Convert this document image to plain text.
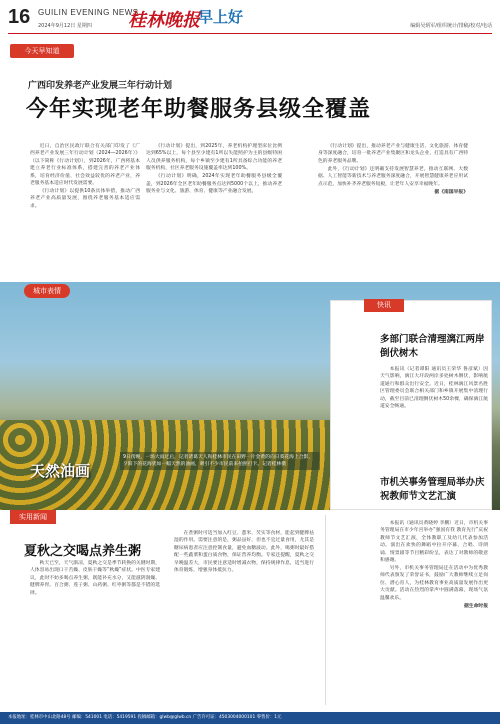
16 GUILIN EVENING NEWS
2024年9月12日 星期四 桂林晚报
早上好	编辑吴炳军/组织统计/排稿/校对/电话
今天早知道
广西印发养老产业发展三年行动计划
今年实现老年助餐服务县级全覆盖

近日，自治区民政厅联合有关部门印发了《广西养老产业发展三年行动计划（2024—2026年）》（以下简称《行动计划》），到2026年，广西将基本建立养老行业标准体系，搭建完善的养老产业体系，培育经济价值、社会效益较优的养老产业，养老服务基本适应时代发展需要。

《行动计划》以提供10条具体举措，推动广西养老产业高质量发展，围绕养老服务基本适应需求。

《行动计划》提出，到2025年，养老机构护理型床位比例达到65%以上，每个县至少建有1所以失能照护为主的县级特困人员供养服务机构，每个乡镇至少建有1所具备综合功能的养老服务机构，社区养老服务设施覆盖率达到100%。

《行动计划》明确，2024年实现老年助餐服务县级全覆盖，到2026年全区老年助餐服务点达到5000个以上，推动养老服务业与文化、旅游、体育、健康等产业融合发展。

《行动计划》提出，推动养老产业与健康生活、文化旅游、体育健身等深度融合，培育一批养老产业集聚区和龙头企业，打造具有广西特色的养老服务品牌。

此外，《行动计划》还明确支持发展智慧养老，推动互联网、大数据、人工智能等新技术与养老服务深度融合，开展智慧健康养老应用试点示范，加快补齐养老服务短板，让老年人安享幸福晚年。

据《南国早报》

城市表情
天然油画
9日傍晚，一场大雨过后，记者诸葛天人和桂林市民在田野一片金黄的向日葵花海上合影，夕阳下的花海犹如一幅天然的油画，吸引不少市民前来拍照打卡。记者桂林摄
快讯
多部门联合清理漓江两岸倒伏树木

本报讯（记者谭阳 通讯员王荣华 鲁彦斌）因天气影响，漓江大圩段两岸多处树木倒伏，影响航道通行和群众出行安全。近日，桂林漓江风景名胜区管理委员会联合相关部门和乡镇开展集中清理行动，截至目前已清理倒伏树木50余棵，确保漓江航道安全畅通。

市机关事务管理局举办庆祝教师节文艺汇演
实用新闻
夏秋之交喝点养生粥

秋天已至，天气渐凉，夏秋之交是季节转换的关键时期，人体容易出现口干舌燥、皮肤干燥等“秋燥”症状。中医专家建议，此时不妨多喝点养生粥，既能补充水分，又能滋阴润燥、健脾养胃。百合粥、莲子粥、山药粥、红枣粥等都是不错的选择。

在煮粥时可适当加入红豆、薏米、芡实等食材，能起到健脾祛湿的作用。需要注意的是，粥品虽好，但也不宜过量食用，尤其是糖尿病患者应注意控制食量，避免血糖波动。此外，喝粥时最好搭配一些蔬菜和蛋白质食物，保证营养均衡。专家还提醒，夏秋之交早晚温差大，市民要注意适时增减衣物，保持规律作息，适当进行体育锻炼，增强身体抵抗力。

本报讯（通讯员黄晓婷 李鹏）近日，市机关事务管理局在市少年宫举办“强国有我 教育先行”庆祝教师节文艺汇演，全体教职工及幼儿代表参加活动。演出在欢快的舞蹈中拉开序幕，合唱、诗朗诵、情景剧等节目精彩纷呈，表达了对教师的敬意和感谢。

另外，市机关事务管理局还在活动中为优秀教师代表颁发了荣誉证书，鼓励广大教师继续立足岗位、潜心育人，为桂林教育事业高质量发展作出更大贡献。活动在热烈的掌声中圆满落幕，现场气氛温馨欢乐。

据生命时报

本报地址：桂林市中山北路48号 邮编：541001 电话：5419591 投稿邮箱：glwb@glwb.cn 广告许可证：4503004000101 零售价：1元
